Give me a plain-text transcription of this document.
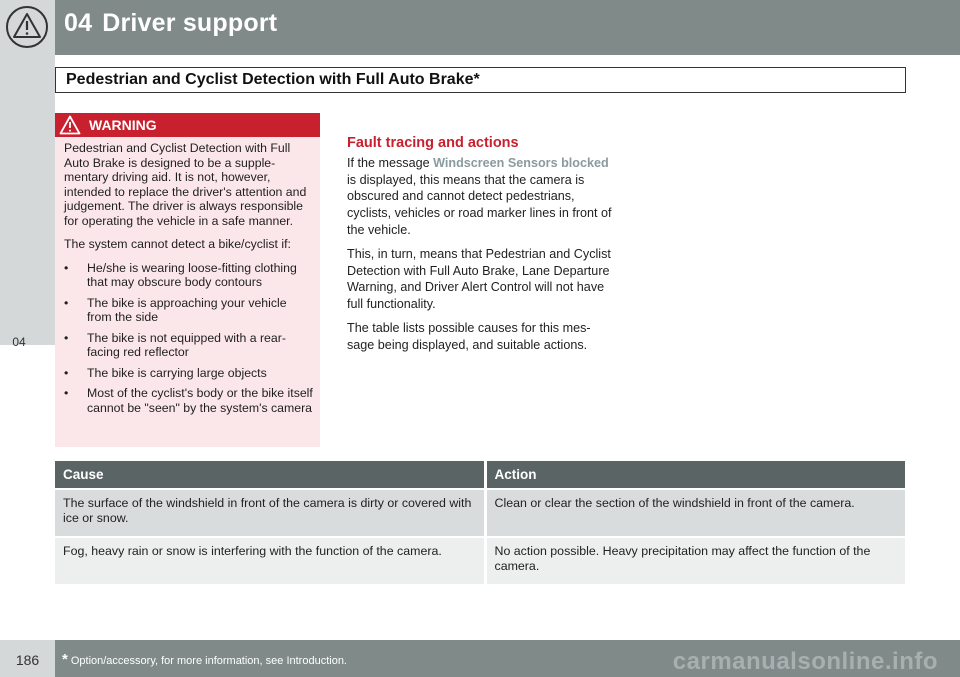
04 Driver support
04
Pedestrian and Cyclist Detection with Full Auto Brake*
WARNING

Pedestrian and Cyclist Detection with Full Auto Brake is designed to be a supple-mentary driving aid. It is not, however, intended to replace the driver's attention and judgement. The driver is always responsible for operating the vehicle in a safe manner.

The system cannot detect a bike/cyclist if:

• He/she is wearing loose-fitting clothing that may obscure body contours
• The bike is approaching your vehicle from the side
• The bike is not equipped with a rear-facing red reflector
• The bike is carrying large objects
• Most of the cyclist's body or the bike itself cannot be "seen" by the system's camera
Fault tracing and actions

If the message Windscreen Sensors blocked is displayed, this means that the camera is obscured and cannot detect pedestrians, cyclists, vehicles or road marker lines in front of the vehicle.

This, in turn, means that Pedestrian and Cyclist Detection with Full Auto Brake, Lane Departure Warning, and Driver Alert Control will not have full functionality.

The table lists possible causes for this mes-sage being displayed, and suitable actions.

Cause	Action
The surface of the windshield in front of the camera is dirty or covered with ice or snow.	Clean or clear the section of the windshield in front of the camera.
Fog, heavy rain or snow is interfering with the function of the camera.	No action possible. Heavy precipitation may affect the function of the camera.
186	* Option/accessory, for more information, see Introduction.	carmanualsonline.info
